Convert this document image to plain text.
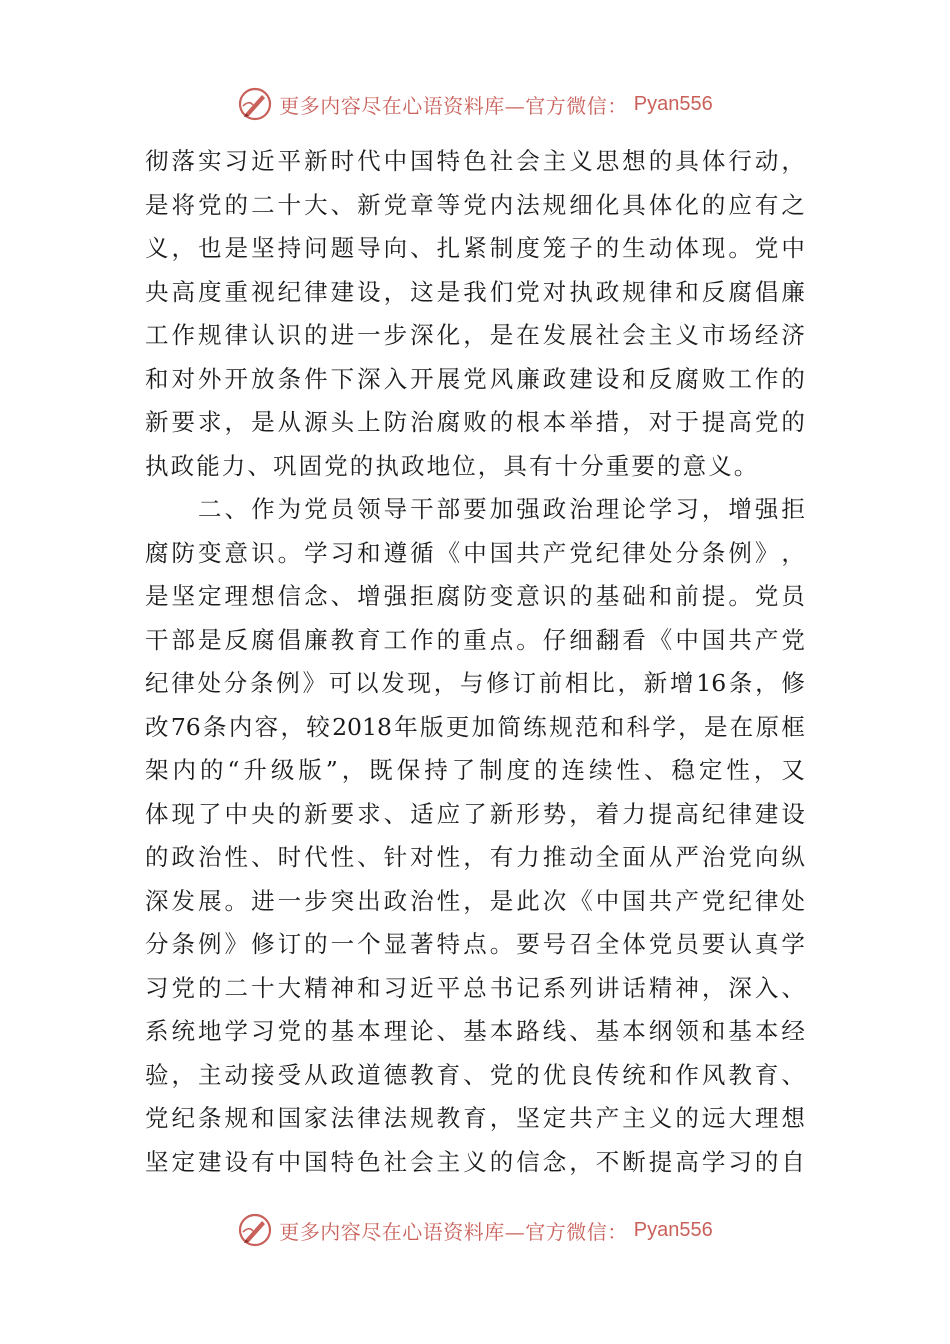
更多内容尽在心语资料库—官方微信： Pyan556
彻 落 实 习 近 平 新 时 代 中 国 特 色 社 会 主 义 思 想 的 具 体 行 动 ，
是 将 党 的 二 十 大 、 新 党 章 等 党 内 法 规 细 化 具 体 化 的 应 有 之
义 ， 也 是 坚 持 问 题 导 向 、 扎 紧 制 度 笼 子 的 生 动 体 现 。 党 中
央 高 度 重 视 纪 律 建 设 ， 这 是 我 们 党 对 执 政 规 律 和 反 腐 倡 廉
工 作 规 律 认 识 的 进 一 步 深 化 ， 是 在 发 展 社 会 主 义 市 场 经 济
和 对 外 开 放 条 件 下 深 入 开 展 党 风 廉 政 建 设 和 反 腐 败 工 作 的
新 要 求 ， 是 从 源 头 上 防 治 腐 败 的 根 本 举 措 ， 对 于 提 高 党 的
执政能力、巩固党的执政地位，具有十分重要的意义。

二 、 作 为 党 员 领 导 干 部 要 加 强 政 治 理 论 学 习 ， 增 强 拒
腐 防 变 意 识 。 学 习 和 遵 循 《 中 国 共 产 党 纪 律 处 分 条 例 》 ，
是 坚 定 理 想 信 念 、 增 强 拒 腐 防 变 意 识 的 基 础 和 前 提 。 党 员
干 部 是 反 腐 倡 廉 教 育 工 作 的 重 点 。 仔 细 翻 看 《 中 国 共 产 党
纪 律 处 分 条 例 》 可 以 发 现 ， 与 修 订 前 相 比 ， 新 增 16 条 ， 修
改 76 条 内 容 ， 较 2018 年 版 更 加 简 练 规 范 和 科 学 ， 是 在 原 框
架 内 的 “ 升 级 版 ” ， 既 保 持 了 制 度 的 连 续 性 、 稳 定 性 ， 又
体 现 了 中 央 的 新 要 求 、 适 应 了 新 形 势 ， 着 力 提 高 纪 律 建 设
的 政 治 性 、 时 代 性 、 针 对 性 ， 有 力 推 动 全 面 从 严 治 党 向 纵
深 发 展 。 进 一 步 突 出 政 治 性 ， 是 此 次 《 中 国 共 产 党 纪 律 处
分 条 例 》 修 订 的 一 个 显 著 特 点 。 要 号 召 全 体 党 员 要 认 真 学
习 党 的 二 十 大 精 神 和 习 近 平 总 书 记 系 列 讲 话 精 神 ， 深 入 、
系 统 地 学 习 党 的 基 本 理 论 、 基 本 路 线 、 基 本 纲 领 和 基 本 经
验 ， 主 动 接 受 从 政 道 德 教 育 、 党 的 优 良 传 统 和 作 风 教 育 、
党 纪 条 规 和 国 家 法 律 法 规 教 育 ， 坚 定 共 产 主 义 的 远 大 理 想
坚 定 建 设 有 中 国 特 色 社 会 主 义 的 信 念 ， 不 断 提 高 学 习 的 自
更多内容尽在心语资料库—官方微信： Pyan556
